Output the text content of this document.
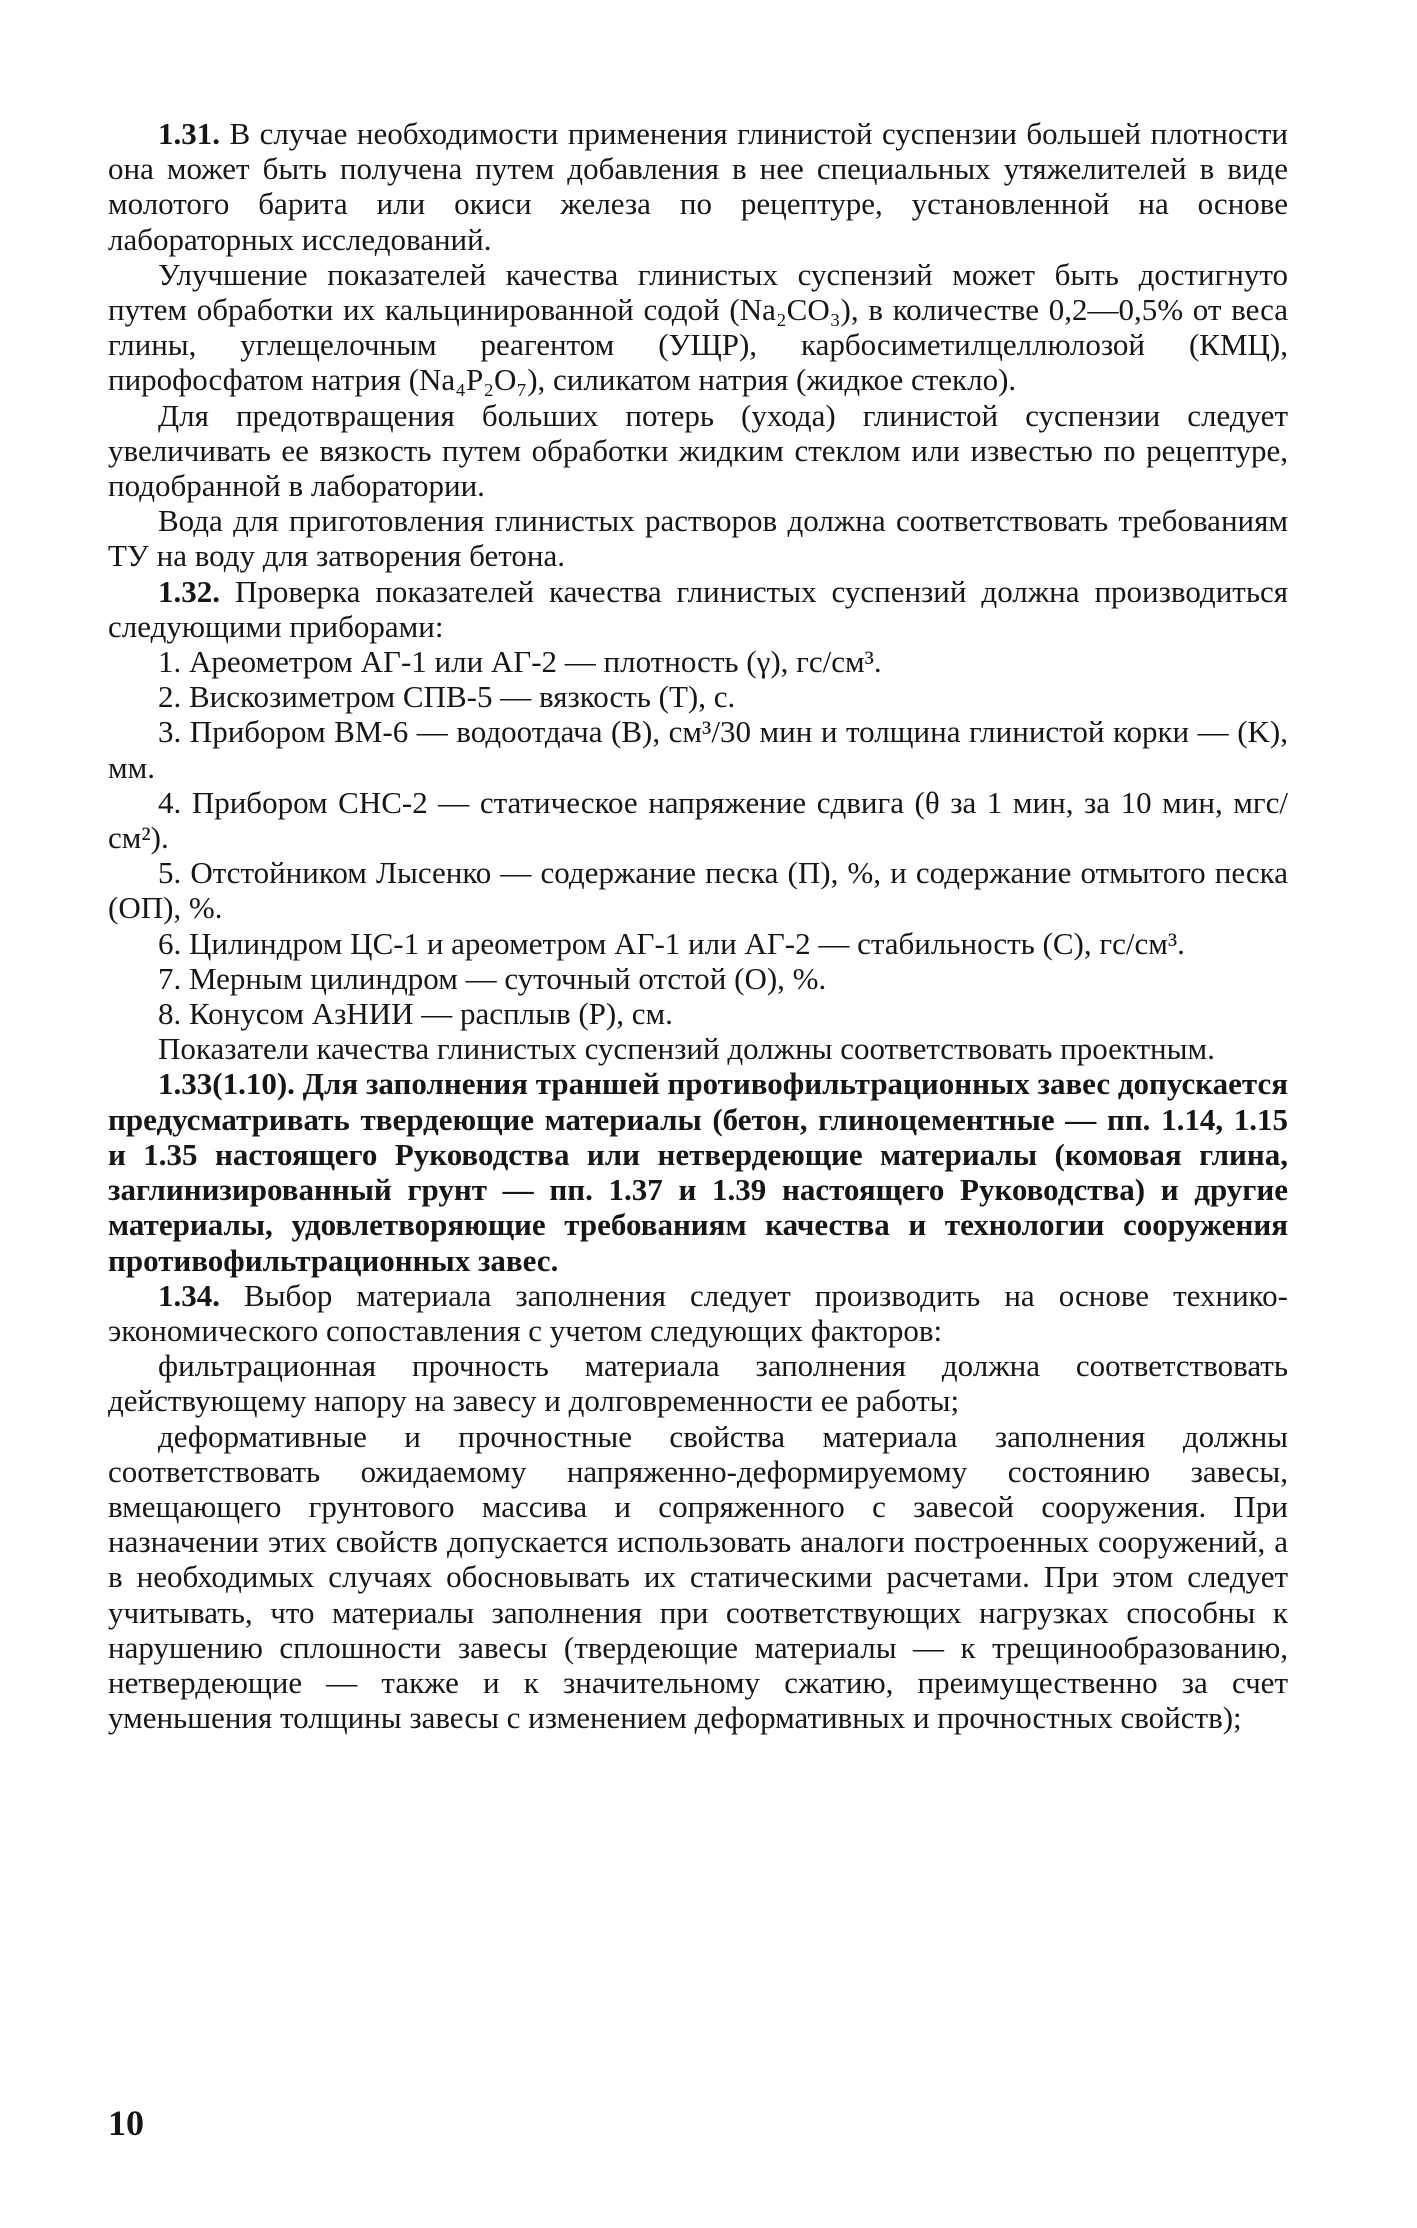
1.31. В случае необходимости применения глинистой суспензии большей плотности она может быть получена путем добавления в нее специальных утяжелителей в виде молотого барита или окиси железа по рецептуре, установленной на основе лабораторных исследований.

Улучшение показателей качества глинистых суспензий может быть достигнуто путем обработки их кальцинированной содой (Na₂CO₃), в количестве 0,2—0,5% от веса глины, углещелочным реагентом (УЩР), карбосиметилцеллюлозой (КМЦ), пирофосфатом натрия (Na₄P₂O₇), силикатом натрия (жидкое стекло).

Для предотвращения больших потерь (ухода) глинистой суспензии следует увеличивать ее вязкость путем обработки жидким стеклом или известью по рецептуре, подобранной в лаборатории.

Вода для приготовления глинистых растворов должна соответствовать требованиям ТУ на воду для затворения бетона.

1.32. Проверка показателей качества глинистых суспензий должна производиться следующими приборами:

1. Ареометром АГ-1 или АГ-2 — плотность (γ), гс/см³.

2. Вискозиметром СПВ-5 — вязкость (T), с.

3. Прибором ВМ-6 — водоотдача (B), см³/30 мин и толщина глинистой корки — (K), мм.

4. Прибором СНС-2 — статическое напряжение сдвига (θ за 1 мин, за 10 мин, мгс/см²).

5. Отстойником Лысенко — содержание песка (П), %, и содержание отмытого песка (ОП), %.

6. Цилиндром ЦС-1 и ареометром АГ-1 или АГ-2 — стабильность (C), гс/см³.

7. Мерным цилиндром — суточный отстой (O), %.

8. Конусом АзНИИ — расплыв (P), см.

Показатели качества глинистых суспензий должны соответствовать проектным.

1.33(1.10). Для заполнения траншей противофильтрационных завес допускается предусматривать твердеющие материалы (бетон, глиноцементные — пп. 1.14, 1.15 и 1.35 настоящего Руководства или нетвердеющие материалы (комовая глина, заглинизированный грунт — пп. 1.37 и 1.39 настоящего Руководства) и другие материалы, удовлетворяющие требованиям качества и технологии сооружения противофильтрационных завес.

1.34. Выбор материала заполнения следует производить на основе технико-экономического сопоставления с учетом следующих факторов:

фильтрационная прочность материала заполнения должна соответствовать действующему напору на завесу и долговременности ее работы;

деформативные и прочностные свойства материала заполнения должны соответствовать ожидаемому напряженно-деформируемому состоянию завесы, вмещающего грунтового массива и сопряженного с завесой сооружения. При назначении этих свойств допускается использовать аналоги построенных сооружений, а в необходимых случаях обосновывать их статическими расчетами. При этом следует учитывать, что материалы заполнения при соответствующих нагрузках способны к нарушению сплошности завесы (твердеющие материалы — к трещинообразованию, нетвердеющие — также и к значительному сжатию, преимущественно за счет уменьшения толщины завесы с изменением деформативных и прочностных свойств);

10
